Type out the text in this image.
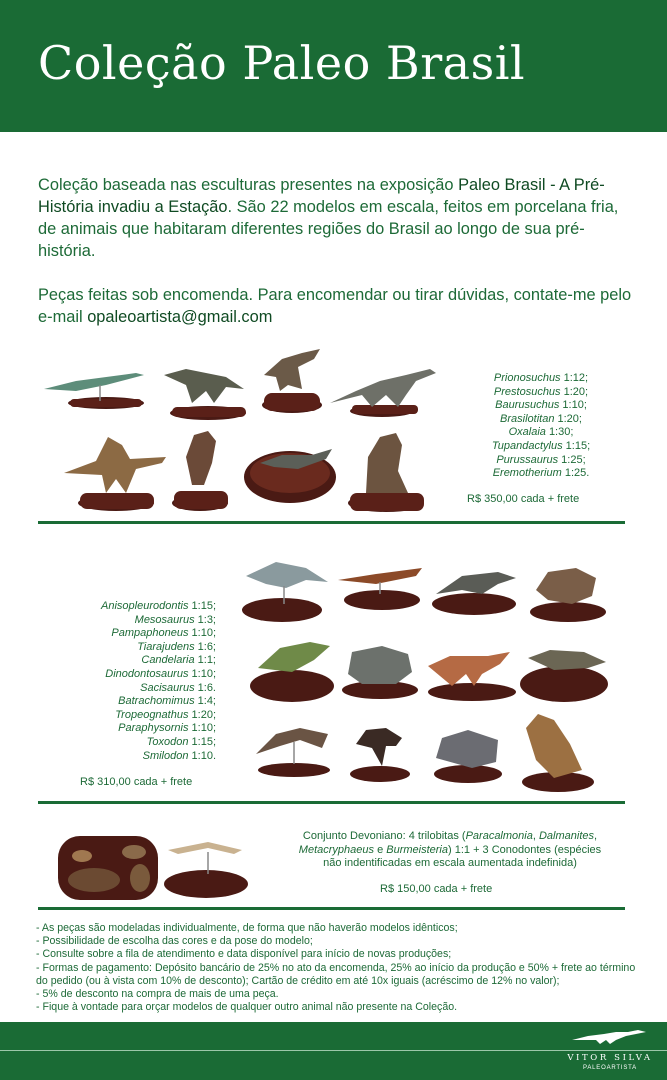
Coleção Paleo Brasil

Coleção baseada nas esculturas presentes na exposição Paleo Brasil - A Pré-História invadiu a Estação. São 22 modelos em escala, feitos em porcelana fria, de animais que habitaram diferentes regiões do Brasil ao longo de sua pré-história.

Peças feitas sob encomenda. Para encomendar ou tirar dúvidas, contate-me pelo e-mail opaleoartista@gmail.com

Prionosuchus 1:12;
Prestosuchus 1:20;
Baurusuchus 1:10;
Brasilotitan 1:20;
Oxalaia 1:30;
Tupandactylus 1:15;
Purussaurus 1:25;
Eremotherium 1:25.
R$ 350,00 cada + frete
Anisopleurodontis 1:15;
Mesosaurus 1:3;
Pampaphoneus 1:10;
Tiarajudens 1:6;
Candelaria 1:1;
Dinodontosaurus 1:10;
Sacisaurus 1:6.
Batrachomimus 1:4;
Tropeognathus 1:20;
Paraphysornis 1:10;
Toxodon 1:15;
Smilodon 1:10.
R$ 310,00 cada + frete
Conjunto Devoniano: 4 trilobitas (Paracalmonia, Dalmanites,
Metacryphaeus e Burmeisteria) 1:1 + 3 Conodontes (espécies
não indentificadas em escala aumentada indefinida)
R$ 150,00 cada + frete
- As peças são modeladas individualmente, de forma que não haverão modelos idênticos;
- Possibilidade de escolha das cores e da pose do modelo;
- Consulte sobre a fila de atendimento e data disponível para início de novas produções;
- Formas de pagamento: Depósito bancário de 25% no ato da encomenda, 25% ao início da produção e 50% + frete ao término do pedido (ou à vista com 10% de desconto); Cartão de crédito em até 10x iguais (acréscimo de 12% no valor);
- 5% de desconto na compra de mais de uma peça.
- Fique à vontade para orçar modelos de qualquer outro animal não presente na Coleção.
VITOR SILVA
PALEOARTISTA
